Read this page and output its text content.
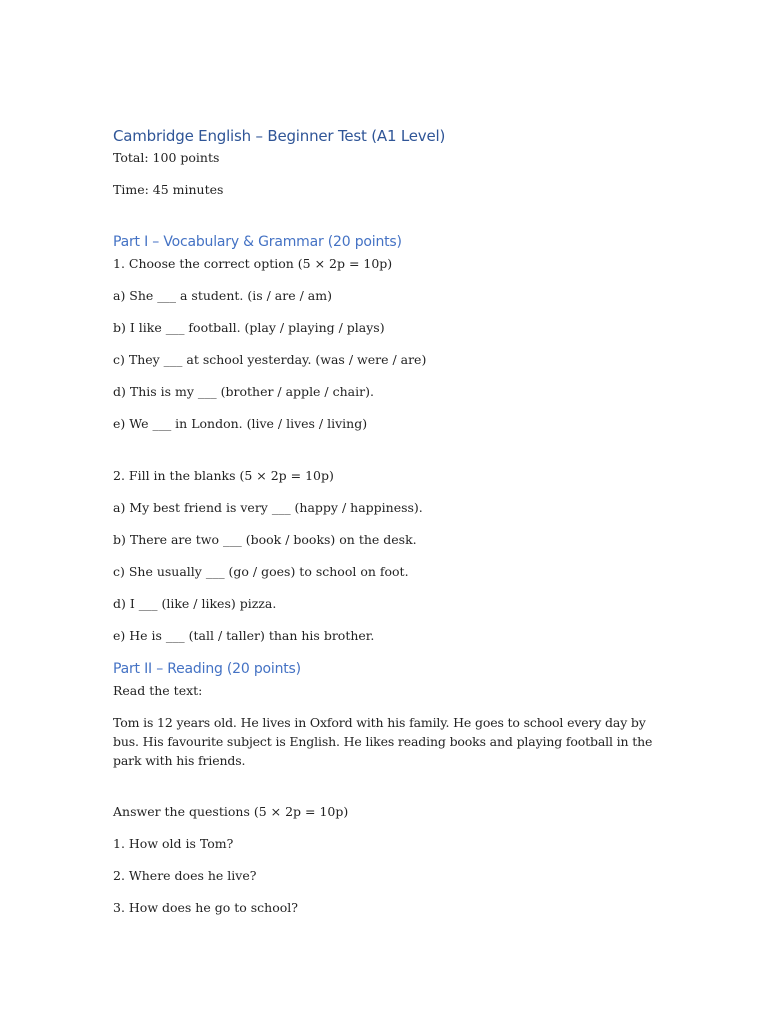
Cambridge English – Beginner Test (A1 Level)

Total: 100 points

Time: 45 minutes

Part I – Vocabulary & Grammar (20 points)

1. Choose the correct option (5 × 2p = 10p)

a) She ___ a student. (is / are / am)

b) I like ___ football. (play / playing / plays)

c) They ___ at school yesterday. (was / were / are)

d) This is my ___ (brother / apple / chair).

e) We ___ in London. (live / lives / living)

2. Fill in the blanks (5 × 2p = 10p)

a) My best friend is very ___ (happy / happiness).

b) There are two ___ (book / books) on the desk.

c) She usually ___ (go / goes) to school on foot.

d) I ___ (like / likes) pizza.

e) He is ___ (tall / taller) than his brother.

Part II – Reading (20 points)

Read the text:

Tom is 12 years old. He lives in Oxford with his family. He goes to school every day by bus. His favourite subject is English. He likes reading books and playing football in the park with his friends.

Answer the questions (5 × 2p = 10p)

1. How old is Tom?

2. Where does he live?

3. How does he go to school?
